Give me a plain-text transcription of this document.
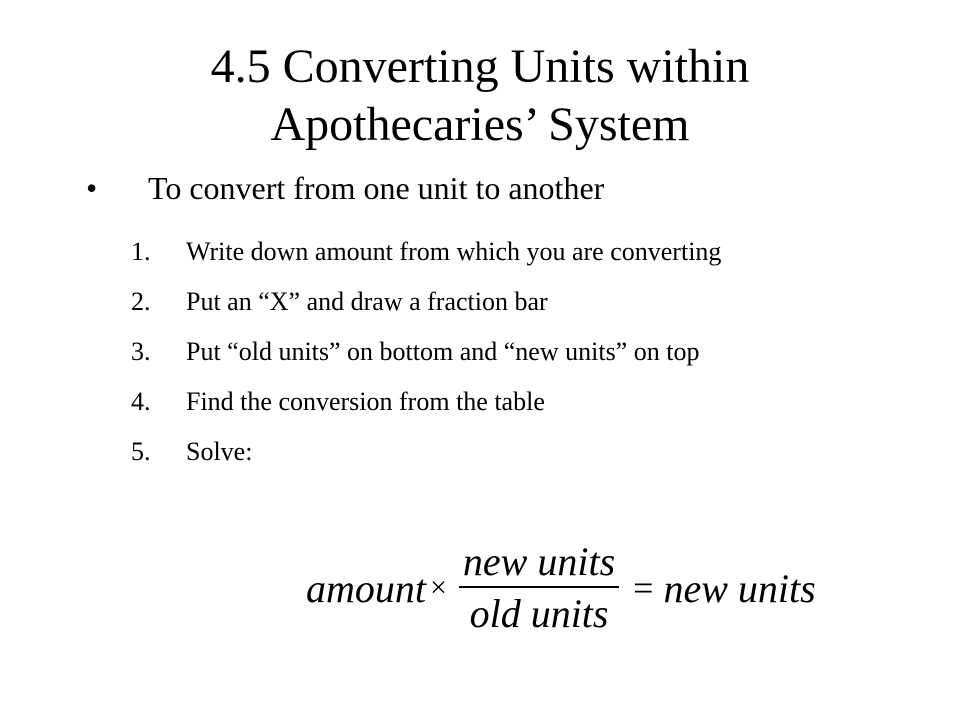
4.5 Converting Units within
Apothecaries’ System
• To convert from one unit to another
1. Write down amount from which you are converting
2. Put an “X” and draw a fraction bar
3. Put “old units” on bottom and “new units” on top
4. Find the conversion from the table
5. Solve:
amount × $\frac{\text{new units}}{\text{old units}}$ = new units
